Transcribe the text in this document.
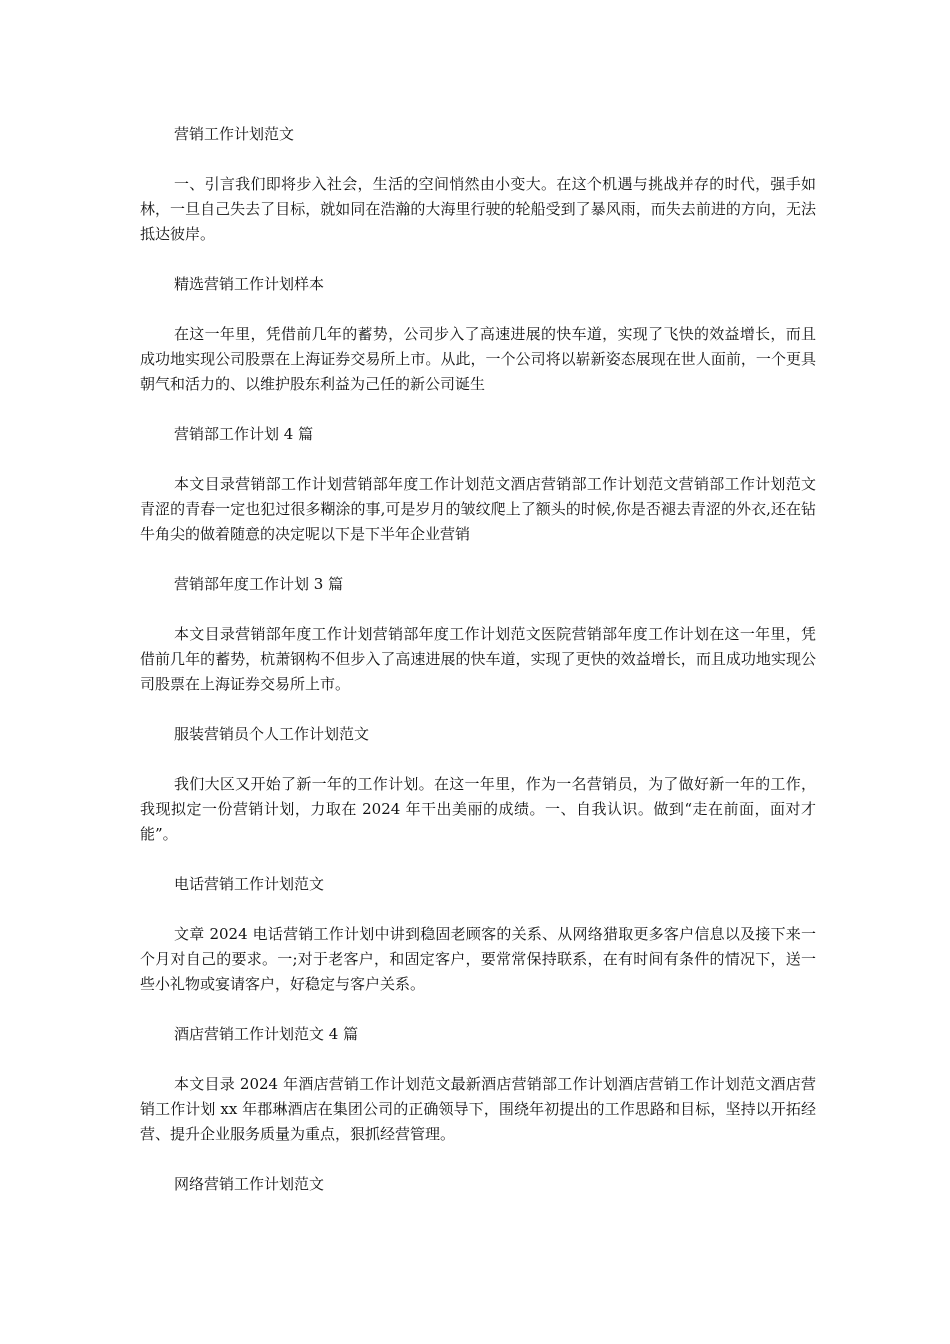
营销工作计划范文
一、引言我们即将步入社会，生活的空间悄然由小变大。在这个机遇与挑战并存的时代，强手如林，一旦自己失去了目标，就如同在浩瀚的大海里行驶的轮船受到了暴风雨，而失去前进的方向，无法抵达彼岸。
精选营销工作计划样本
在这一年里，凭借前几年的蓄势，公司步入了高速进展的快车道，实现了飞快的效益增长，而且成功地实现公司股票在上海证券交易所上市。从此，一个公司将以崭新姿态展现在世人面前，一个更具朝气和活力的、以维护股东利益为己任的新公司诞生
营销部工作计划 4 篇
本文目录营销部工作计划营销部年度工作计划范文酒店营销部工作计划范文营销部工作计划范文青涩的青春一定也犯过很多糊涂的事,可是岁月的皱纹爬上了额头的时候,你是否褪去青涩的外衣,还在钻牛角尖的做着随意的决定呢以下是下半年企业营销
营销部年度工作计划 3 篇
本文目录营销部年度工作计划营销部年度工作计划范文医院营销部年度工作计划在这一年里，凭借前几年的蓄势，杭萧钢构不但步入了高速进展的快车道，实现了更快的效益增长，而且成功地实现公司股票在上海证券交易所上市。
服装营销员个人工作计划范文
我们大区又开始了新一年的工作计划。在这一年里，作为一名营销员，为了做好新一年的工作，我现拟定一份营销计划，力取在 2024 年干出美丽的成绩。一、自我认识。做到“走在前面，面对才能”。
电话营销工作计划范文
文章 2024 电话营销工作计划中讲到稳固老顾客的关系、从网络猎取更多客户信息以及接下来一个月对自己的要求。一;对于老客户，和固定客户，要常常保持联系，在有时间有条件的情况下，送一些小礼物或宴请客户，好稳定与客户关系。
酒店营销工作计划范文 4 篇
本文目录 2024 年酒店营销工作计划范文最新酒店营销部工作计划酒店营销工作计划范文酒店营销工作计划 xx 年郡琳酒店在集团公司的正确领导下，围绕年初提出的工作思路和目标，坚持以开拓经营、提升企业服务质量为重点，狠抓经营管理。
网络营销工作计划范文
